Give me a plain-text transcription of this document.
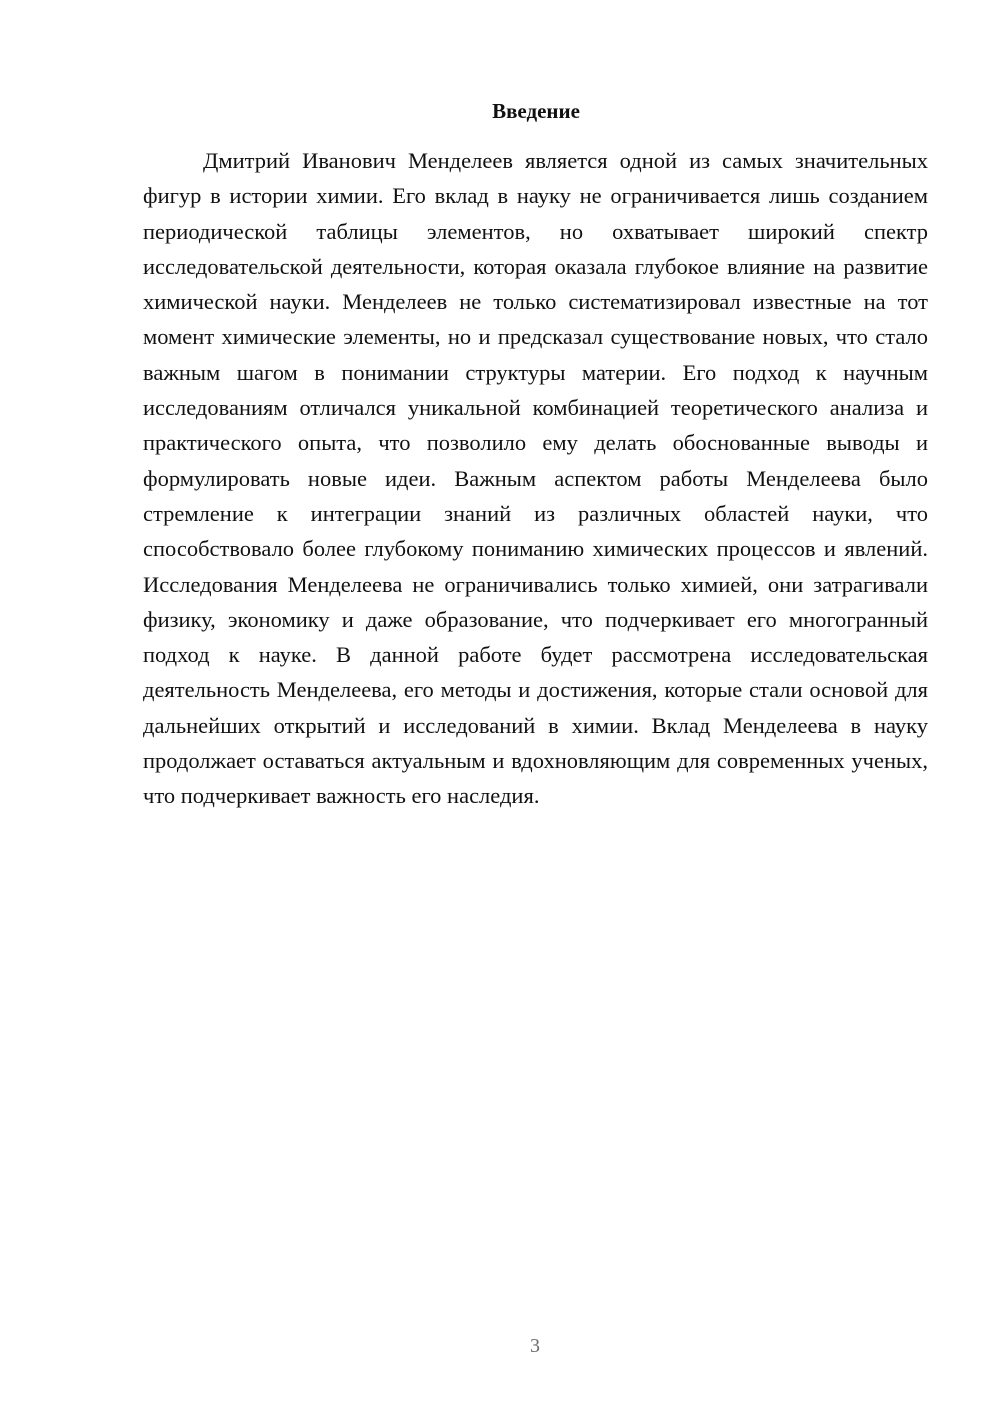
Введение

Дмитрий Иванович Менделеев является одной из самых значительных фигур в истории химии. Его вклад в науку не ограничивается лишь созданием периодической таблицы элементов, но охватывает широкий спектр исследовательской деятельности, которая оказала глубокое влияние на развитие химической науки. Менделеев не только систематизировал известные на тот момент химические элементы, но и предсказал существование новых, что стало важным шагом в понимании структуры материи. Его подход к научным исследованиям отличался уникальной комбинацией теоретического анализа и практического опыта, что позволило ему делать обоснованные выводы и формулировать новые идеи. Важным аспектом работы Менделеева было стремление к интеграции знаний из различных областей науки, что способствовало более глубокому пониманию химических процессов и явлений. Исследования Менделеева не ограничивались только химией, они затрагивали физику, экономику и даже образование, что подчеркивает его многогранный подход к науке. В данной работе будет рассмотрена исследовательская деятельность Менделеева, его методы и достижения, которые стали основой для дальнейших открытий и исследований в химии. Вклад Менделеева в науку продолжает оставаться актуальным и вдохновляющим для современных ученых, что подчеркивает важность его наследия.

3
